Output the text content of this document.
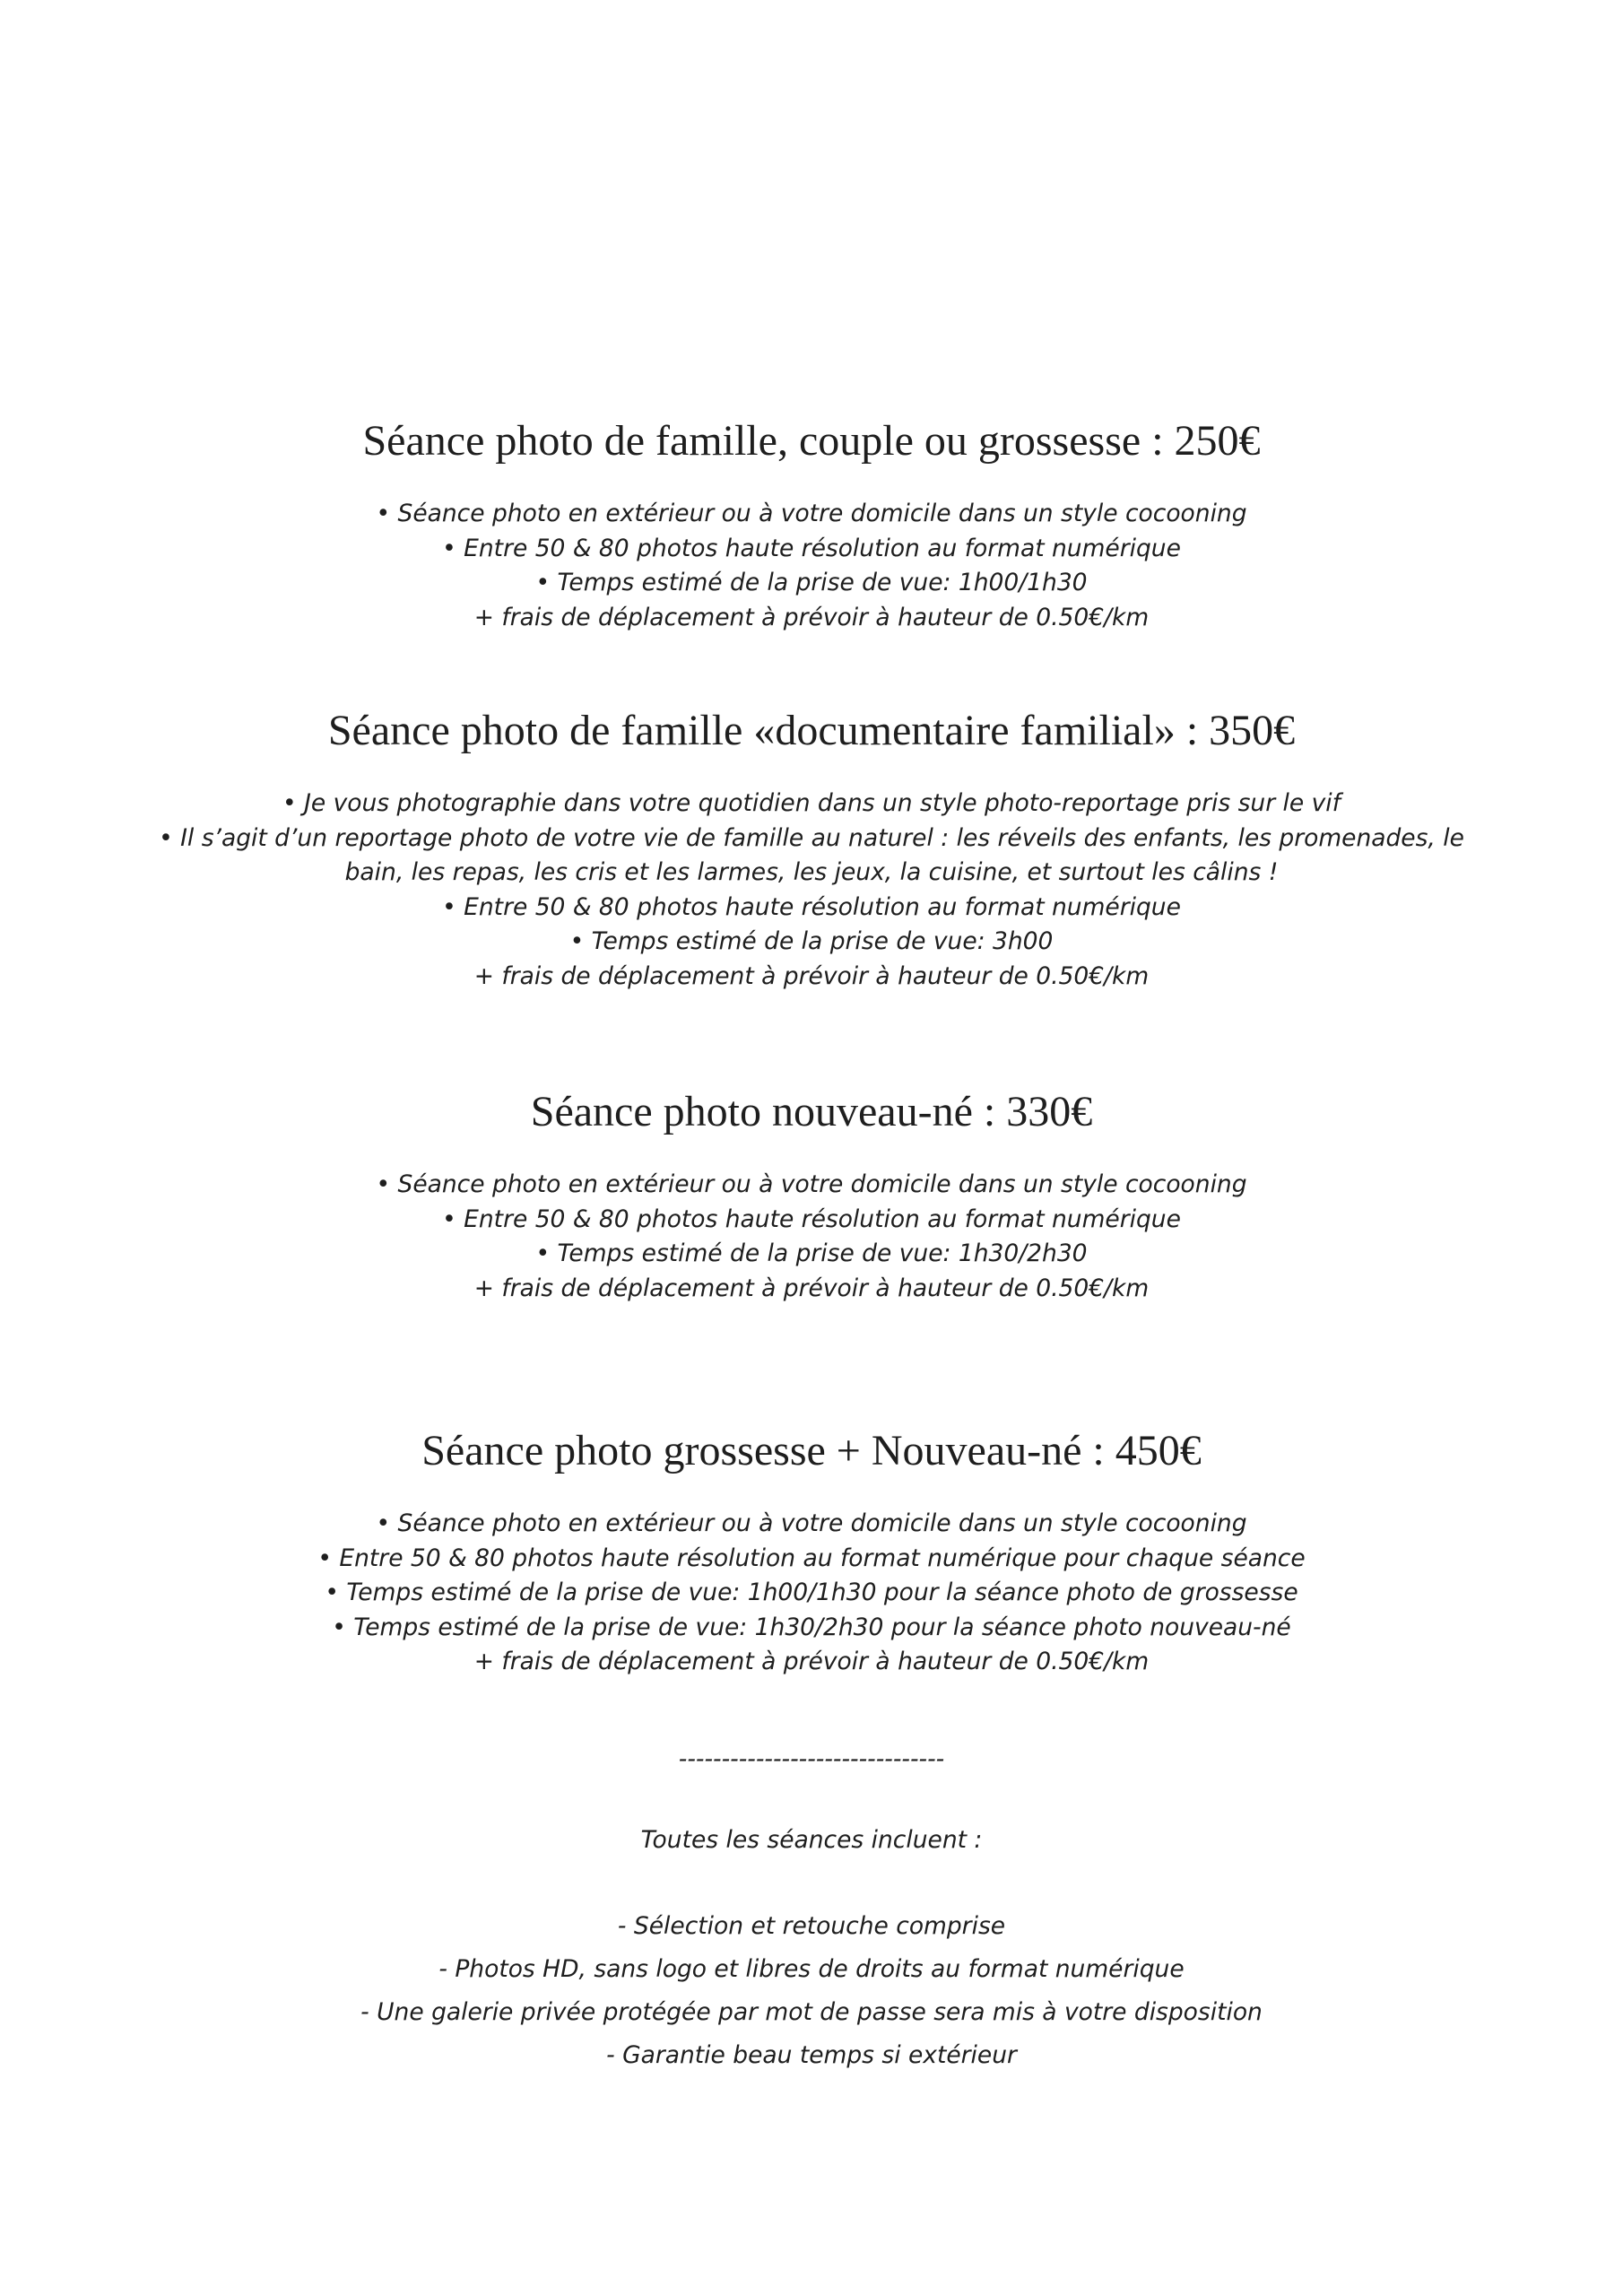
Séance photo de famille, couple ou grossesse : 250€
• Séance photo en extérieur ou à votre domicile dans un style cocooning
• Entre 50 & 80 photos haute résolution au format numérique
• Temps estimé de la prise de vue: 1h00/1h30
+ frais de déplacement à prévoir à hauteur de 0.50€/km
Séance photo de famille «documentaire familial» : 350€
• Je vous photographie dans votre quotidien dans un style photo-reportage pris sur le vif
• Il s’agit d’un reportage photo de votre vie de famille au naturel : les réveils des enfants, les promenades, le bain, les repas, les cris et les larmes, les jeux, la cuisine, et surtout les câlins !
• Entre 50 & 80 photos haute résolution au format numérique
• Temps estimé de la prise de vue: 3h00
+ frais de déplacement à prévoir à hauteur de 0.50€/km
Séance photo nouveau-né : 330€
• Séance photo en extérieur ou à votre domicile dans un style cocooning
• Entre 50 & 80 photos haute résolution au format numérique
• Temps estimé de la prise de vue: 1h30/2h30
+ frais de déplacement à prévoir à hauteur de 0.50€/km
Séance photo grossesse + Nouveau-né : 450€
• Séance photo en extérieur ou à votre domicile dans un style cocooning
• Entre 50 & 80 photos haute résolution au format numérique pour chaque séance
• Temps estimé de la prise de vue: 1h00/1h30 pour la séance photo de grossesse
• Temps estimé de la prise de vue: 1h30/2h30 pour la séance photo nouveau-né
+ frais de déplacement à prévoir à hauteur de 0.50€/km
-------------------------------
Toutes les séances incluent :
- Sélection et retouche comprise
- Photos HD, sans logo et libres de droits au format numérique
- Une galerie privée protégée par mot de passe sera mis à votre disposition
- Garantie beau temps si extérieur
